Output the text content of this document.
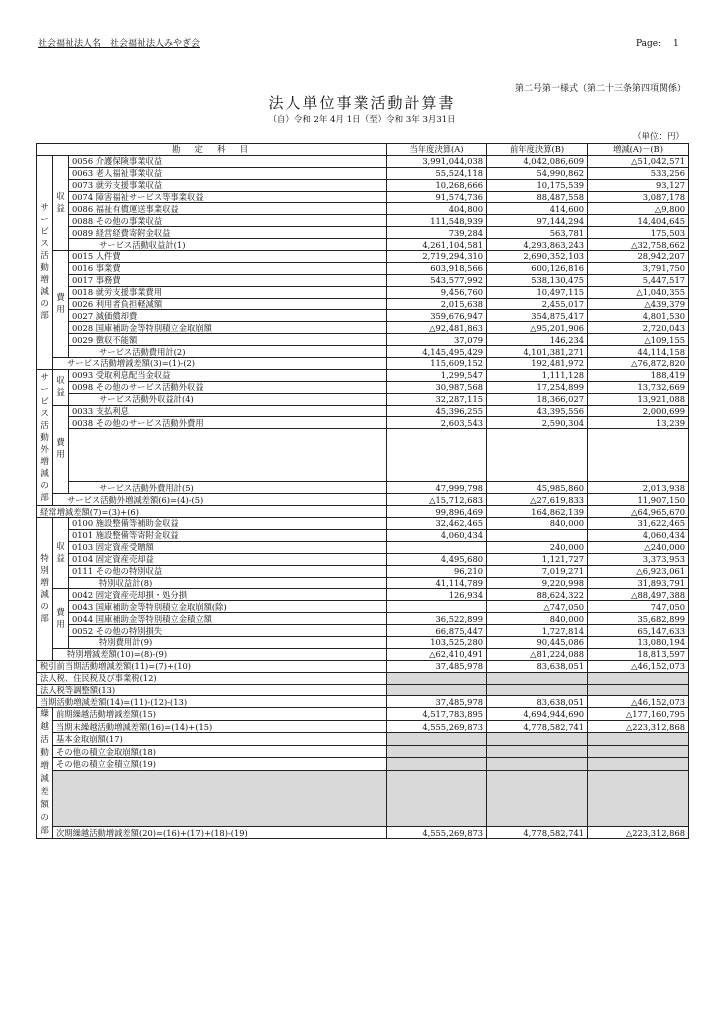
社会福祉法人名　社会福祉法人みやぎ会	Page:　 1
第二号第一様式（第二十三条第四項関係）
法人単位事業活動計算書
（自）令和 2年 4月 1日（至）令和 3年 3月31日
（単位：円）
勘　定　科　目			当年度決算(A)	前年度決算(B)	増減(A)－(B)
サービス活動増減の部	収益	0056 介護保険事業収益	3,991,044,038	4,042,086,609	△51,042,571
		0063 老人福祉事業収益	55,524,118	54,990,862	533,256
		0073 就労支援事業収益	10,268,666	10,175,539	93,127
		0074 障害福祉サービス等事業収益	91,574,736	88,487,558	3,087,178
		0086 福祉有償運送事業収益	404,800	414,600	△9,800
		0088 その他の事業収益	111,548,939	97,144,294	14,404,645
		0089 経営経費寄附金収益	739,284	563,781	175,503
		サービス活動収益計(1)	4,261,104,581	4,293,863,243	△32,758,662
	費用	0015 人件費	2,719,294,310	2,690,352,103	28,942,207
		0016 事業費	603,918,566	600,126,816	3,791,750
		0017 事務費	543,577,992	538,130,475	5,447,517
		0018 就労支援事業費用	9,456,760	10,497,115	△1,040,355
		0026 利用者負担軽減額	2,015,638	2,455,017	△439,379
		0027 減価償却費	359,676,947	354,875,417	4,801,530
		0028 国庫補助金等特別積立金取崩額	△92,481,863	△95,201,906	2,720,043
		0029 徴収不能額	37,079	146,234	△109,155
		サービス活動費用計(2)	4,145,495,429	4,101,381,271	44,114,158
	サービス活動増減差額(3)=(1)-(2)		115,609,152	192,481,972	△76,872,820
サービス活動外増減の部	収益	0093 受取利息配当金収益	1,299,547	1,111,128	188,419
		0098 その他のサービス活動外収益	30,987,568	17,254,899	13,732,669
		サービス活動外収益計(4)	32,287,115	18,366,027	13,921,088
	費用	0033 支払利息	45,396,255	43,395,556	2,000,699
		0038 その他のサービス活動外費用	2,603,543	2,590,304	13,239

		サービス活動外費用計(5)	47,999,798	45,985,860	2,013,938
	サービス活動外増減差額(6)=(4)-(5)		△15,712,683	△27,619,833	11,907,150
経常増減差額(7)=(3)+(6)			99,896,469	164,862,139	△64,965,670
特別増減の部	収益	0100 施設整備等補助金収益	32,462,465	840,000	31,622,465
		0101 施設整備等寄附金収益	4,060,434		4,060,434
		0103 固定資産受贈額		240,000	△240,000
		0104 固定資産売却益	4,495,680	1,121,727	3,373,953
		0111 その他の特別収益	96,210	7,019,271	△6,923,061
		特別収益計(8)	41,114,789	9,220,998	31,893,791
	費用	0042 固定資産売却損・処分損	126,934	88,624,322	△88,497,388
		0043 国庫補助金等特別積立金取崩額(除)		△747,050	747,050
		0044 国庫補助金等特別積立金積立額	36,522,899	840,000	35,682,899
		0052 その他の特別損失	66,875,447	1,727,814	65,147,633
		特別費用計(9)	103,525,280	90,445,086	13,080,194
	特別増減差額(10)=(8)-(9)		△62,410,491	△81,224,088	18,813,597
税引前当期活動増減差額(11)=(7)+(10)			37,485,978	83,638,051	△46,152,073
法人税、住民税及び事業税(12)					
法人税等調整額(13)					
当期活動増減差額(14)=(11)-(12)-(13)			37,485,978	83,638,051	△46,152,073
繰越活動増減差額の部	前期繰越活動増減差額(15)		4,517,783,895	4,694,944,690	△177,160,795
	当期末繰越活動増減差額(16)=(14)+(15)		4,555,269,873	4,778,582,741	△223,312,868
	基本金取崩額(17)				
	その他の積立金取崩額(18)				
	その他の積立金積立額(19)				

	次期繰越活動増減差額(20)=(16)+(17)+(18)-(19)		4,555,269,873	4,778,582,741	△223,312,868
